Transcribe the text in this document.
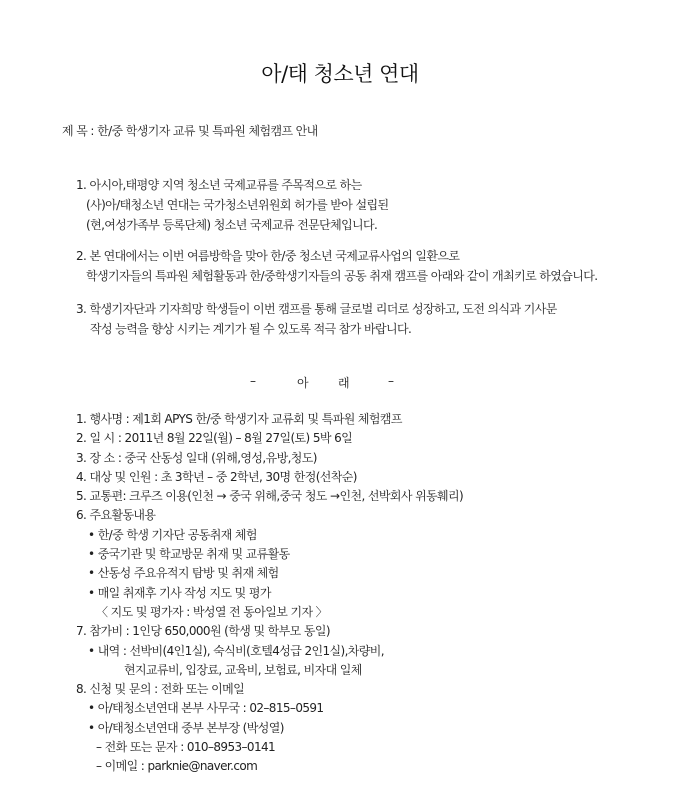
아/태 청소년 연대
제 목 : 한/중 학생기자 교류 및 특파원 체험캠프 안내
1. 아시아,태평양 지역 청소년 국제교류를 주목적으로 하는
(사)아/태청소년 연대는 국가청소년위원회 허가를 받아 설립된
(현,여성가족부 등록단체) 청소년 국제교류 전문단체입니다.
2. 본 연대에서는 이번 여름방학을 맞아 한/중 청소년 국제교류사업의 일환으로
학생기자들의 특파원 체험활동과 한/중학생기자들의 공동 취재 캠프를 아래와 같이 개최키로 하였습니다.
3. 학생기자단과 기자희망 학생들이 이번 캠프를 통해 글로벌 리더로 성장하고, 도전 의식과 기사문
작성 능력을 향상 시키는 계기가 될 수 있도록 적극 참가 바랍니다.
–	아 래	–
1. 행사명 : 제1회 APYS 한/중 학생기자 교류회 및 특파원 체험캠프
2. 일 시 : 2011년 8월 22일(월) – 8월 27일(토) 5박 6일
3. 장 소 : 중국 산동성 일대 (위해,영성,유방,청도)
4. 대상 및 인원 : 초 3학년 – 중 2학년, 30명 한정(선착순)
5. 교통편: 크루즈 이용(인천 → 중국 위해,중국 청도 →인천, 선박회사 위동훼리)
6. 주요활동내용
• 한/중 학생 기자단 공동취재 체험
• 중국기관 및 학교방문 취재 및 교류활동
• 산동성 주요유적지 탐방 및 취재 체험
• 매일 취재후 기사 작성 지도 및 평가
〈 지도 및 평가자 : 박성열 전 동아일보 기자 〉
7. 참가비 : 1인당 650,000원 (학생 및 학부모 동일)
• 내역 : 선박비(4인1실), 숙식비(호텔4성급 2인1실),차량비,
현지교류비, 입장료, 교육비, 보험료, 비자대 일체
8. 신청 및 문의 : 전화 또는 이메일
• 아/태청소년연대 본부 사무국 : 02–815–0591
• 아/태청소년연대 중부 본부장 (박성열)
– 전화 또는 문자 : 010–8953–0141
– 이메일 : parknie@naver.com
